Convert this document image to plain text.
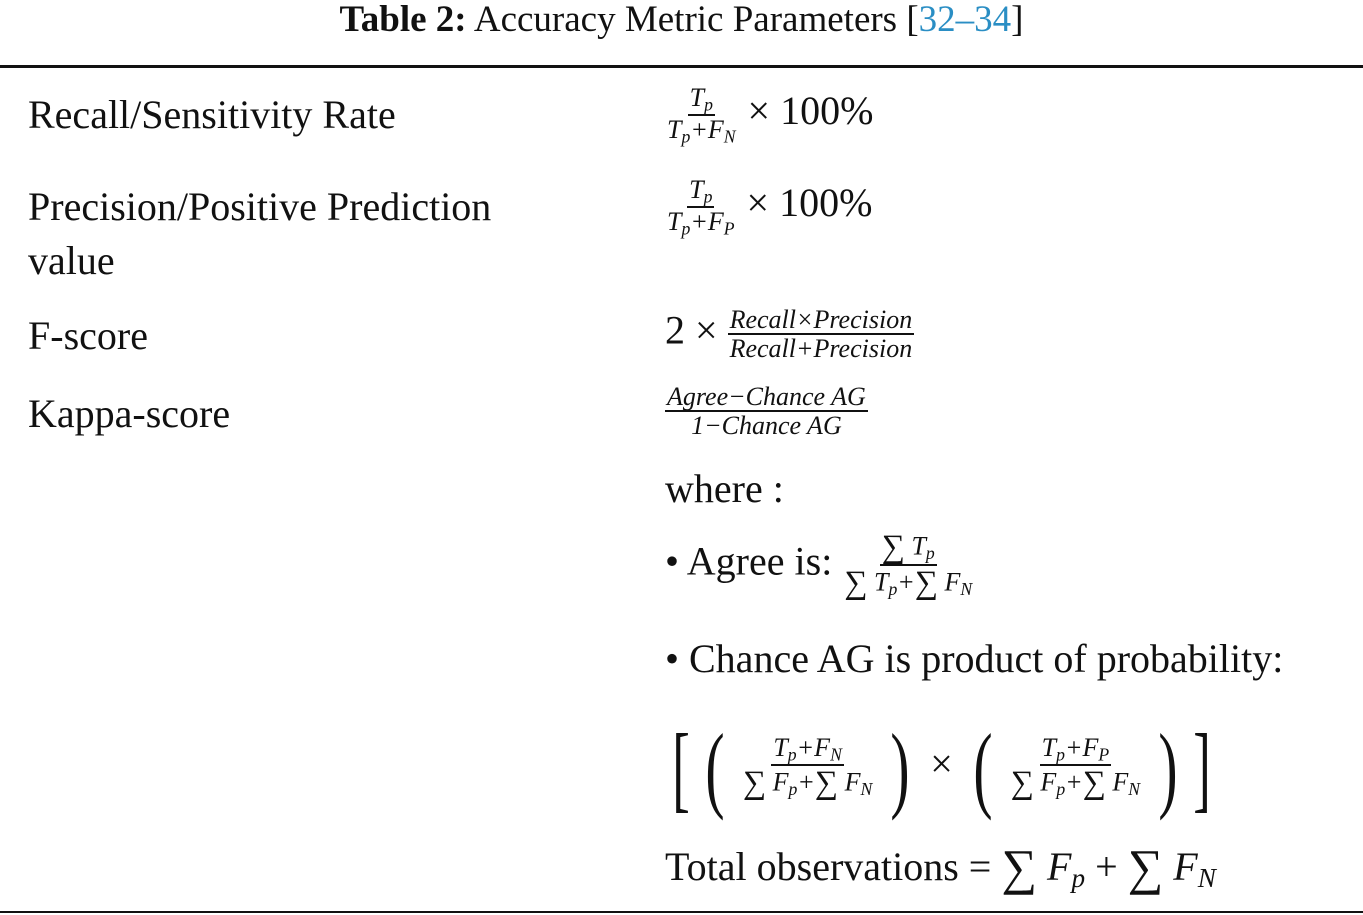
Table 2: Accuracy Metric Parameters [32–34]
Recall/Sensitivity Rate
Precision/Positive Prediction
value
F-score
Kappa-score
$\frac{T_p}{T_p+F_N} \times 100\%$
$\frac{T_p}{T_p+F_P} \times 100\%$
$2 \times \frac{\text{Recall×Precision}}{\text{Recall+Precision}}$
$\frac{\text{Agree−Chance AG}}{\text{1−Chance AG}}$
where :
• Agree is: $\frac{\sum T_p}{\sum T_p+\sum F_N}$
• Chance AG is product of probability:
[ ( $\frac{T_p+F_N}{\sum F_p+\sum F_N}$ ) × ( $\frac{T_p+F_P}{\sum F_p+\sum F_N}$ ) ]
Total observations = ∑ $F_p$ + ∑ $F_N$
